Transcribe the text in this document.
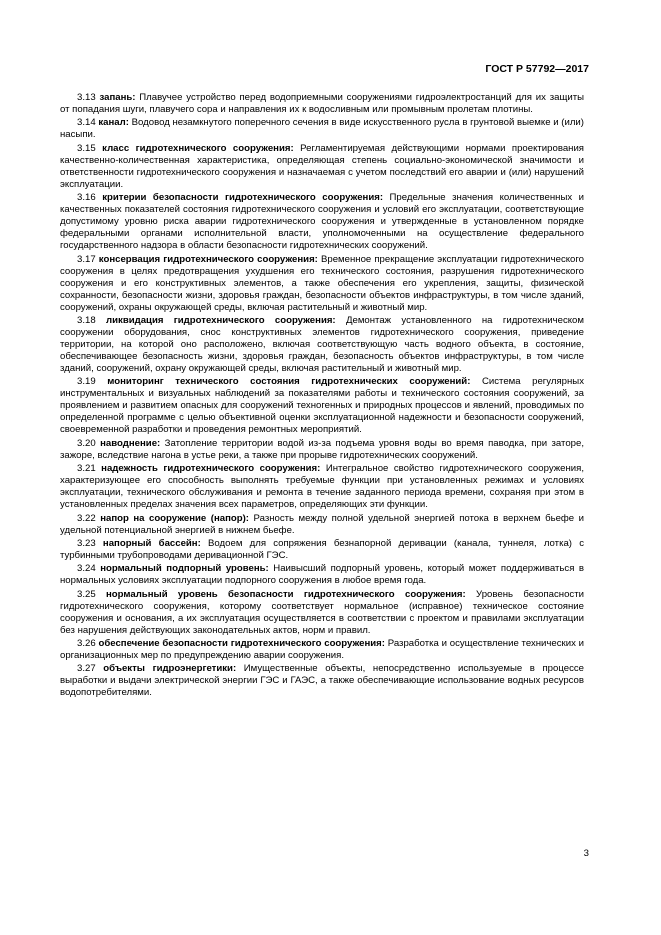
ГОСТ Р 57792—2017

3.13 запань: Плавучее устройство перед водоприемными сооружениями гидроэлектростанций для их защиты от попадания шуги, плавучего сора и направления их к водосливным или промывным пролетам плотины.

3.14 канал: Водовод незамкнутого поперечного сечения в виде искусственного русла в грунтовой выемке и (или) насыпи.

3.15 класс гидротехнического сооружения: Регламентируемая действующими нормами проектирования качественно-количественная характеристика, определяющая степень социально-экономической значимости и ответственности гидротехнического сооружения и назначаемая с учетом последствий его аварии и (или) нарушений эксплуатации.

3.16 критерии безопасности гидротехнического сооружения: Предельные значения количественных и качественных показателей состояния гидротехнического сооружения и условий его эксплуатации, соответствующие допустимому уровню риска аварии гидротехнического сооружения и утвержденные в установленном порядке федеральными органами исполнительной власти, уполномоченными на осуществление федерального государственного надзора в области безопасности гидротехнических сооружений.

3.17 консервация гидротехнического сооружения: Временное прекращение эксплуатации гидротехнического сооружения в целях предотвращения ухудшения его технического состояния, разрушения гидротехнического сооружения и его конструктивных элементов, а также обеспечения его укрепления, защиты, физической сохранности, безопасности жизни, здоровья граждан, безопасности объектов инфраструктуры, в том числе зданий, сооружений, охраны окружающей среды, включая растительный и животный мир.

3.18 ликвидация гидротехнического сооружения: Демонтаж установленного на гидротехническом сооружении оборудования, снос конструктивных элементов гидротехнического сооружения, приведение территории, на которой оно расположено, включая соответствующую часть водного объекта, в состояние, обеспечивающее безопасность жизни, здоровья граждан, безопасность объектов инфраструктуры, в том числе зданий, сооружений, охрану окружающей среды, включая растительный и животный мир.

3.19 мониторинг технического состояния гидротехнических сооружений: Система регулярных инструментальных и визуальных наблюдений за показателями работы и технического состояния сооружений, за проявлением и развитием опасных для сооружений техногенных и природных процессов и явлений, проводимых по определенной программе с целью объективной оценки эксплуатационной надежности и безопасности сооружений, своевременной разработки и проведения ремонтных мероприятий.

3.20 наводнение: Затопление территории водой из-за подъема уровня воды во время паводка, при заторе, зажоре, вследствие нагона в устье реки, а также при прорыве гидротехнических сооружений.

3.21 надежность гидротехнического сооружения: Интегральное свойство гидротехнического сооружения, характеризующее его способность выполнять требуемые функции при установленных режимах и условиях эксплуатации, технического обслуживания и ремонта в течение заданного периода времени, сохраняя при этом в установленных пределах значения всех параметров, определяющих эти функции.

3.22 напор на сооружение (напор): Разность между полной удельной энергией потока в верхнем бьефе и удельной потенциальной энергией в нижнем бьефе.

3.23 напорный бассейн: Водоем для сопряжения безнапорной деривации (канала, туннеля, лотка) с турбинными трубопроводами деривационной ГЭС.

3.24 нормальный подпорный уровень: Наивысший подпорный уровень, который может поддерживаться в нормальных условиях эксплуатации подпорного сооружения в любое время года.

3.25 нормальный уровень безопасности гидротехнического сооружения: Уровень безопасности гидротехнического сооружения, которому соответствует нормальное (исправное) техническое состояние сооружения и основания, а их эксплуатация осуществляется в соответствии с проектом и правилами эксплуатации без нарушения действующих законодательных актов, норм и правил.

3.26 обеспечение безопасности гидротехнического сооружения: Разработка и осуществление технических и организационных мер по предупреждению аварии сооружения.

3.27 объекты гидроэнергетики: Имущественные объекты, непосредственно используемые в процессе выработки и выдачи электрической энергии ГЭС и ГАЭС, а также обеспечивающие использование водных ресурсов водопотребителями.

3
